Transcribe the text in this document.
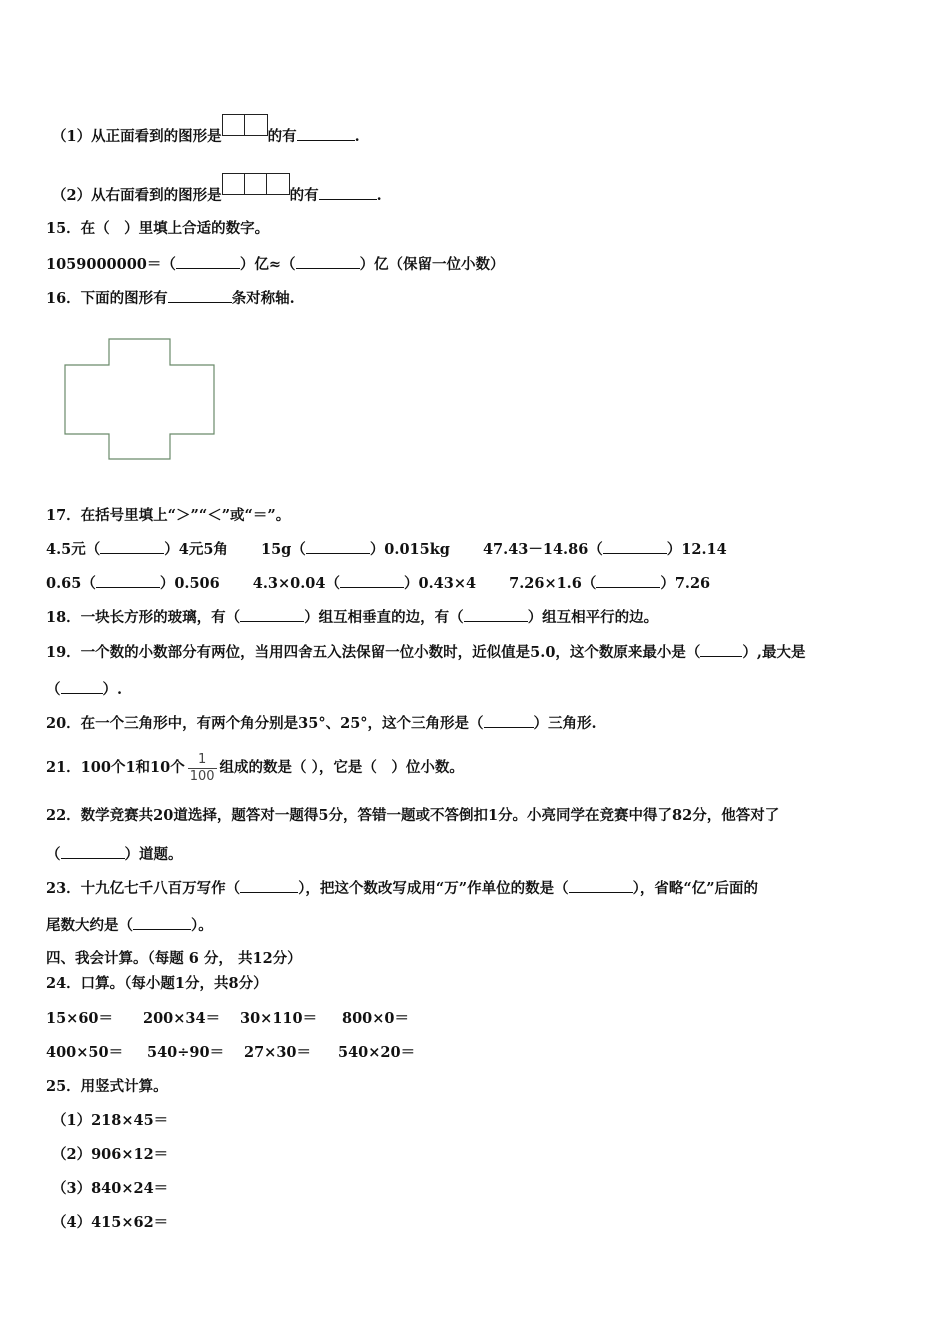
（1）从正面看到的图形是	的有	.
（2）从右面看到的图形是	的有	.
15．在（　）里填上合适的数字。
1059000000＝（	）亿≈（	）亿（保留一位小数）
16．下面的图形有	条对称轴.
17．在括号里填上“＞”“＜”或“＝”。
4.5元（	）4元5角 15g（	）0.015kg 47.43－14.86（	）12.14
0.65（	）0.506 4.3×0.04（	）0.43×4 7.26×1.6（	）7.26
18．一块长方形的玻璃，有（	）组互相垂直的边，有（	）组互相平行的边。
19．一个数的小数部分有两位，当用四舍五入法保留一位小数时，近似值是5.0，这个数原来最小是（	）,最大是
（	）.
20．在一个三角形中，有两个角分别是35°、25°，这个三角形是（	）三角形.
21．100个1和10个 $\frac{1}{100}$ 组成的数是（ ），它是（　）位小数。
22．数学竞赛共20道选择，题答对一题得5分，答错一题或不答倒扣1分。小亮同学在竞赛中得了82分，他答对了
（	）道题。
23．十九亿七千八百万写作（	），把这个数改写成用“万”作单位的数是（	），省略“亿”后面的
尾数大约是（	）。
四、我会计算。（每题 6 分， 共12分）
24．口算。（每小题1分，共8分）
15×60＝ 200×34＝ 30×110＝ 800×0＝
400×50＝ 540÷90＝ 27×30＝ 540×20＝
25．用竖式计算。
（1）218×45＝
（2）906×12＝
（3）840×24＝
（4）415×62＝
